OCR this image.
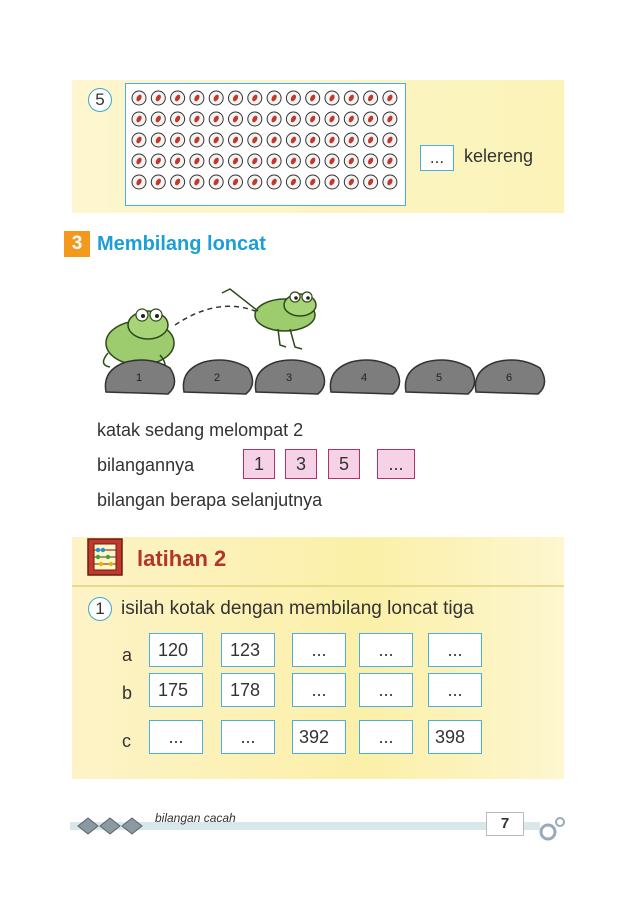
5
...	kelereng
3 Membilang loncat
1	2	3	4	5	6
katak sedang melompat 2
bilangannya	1	3	5	...
bilangan berapa selanjutnya
latihan 2
1 isilah kotak dengan membilang loncat tiga
a	120	123	...	...	...
b	175	178	...	...	...
c	...	...	392	...	398
bilangan cacah	7
